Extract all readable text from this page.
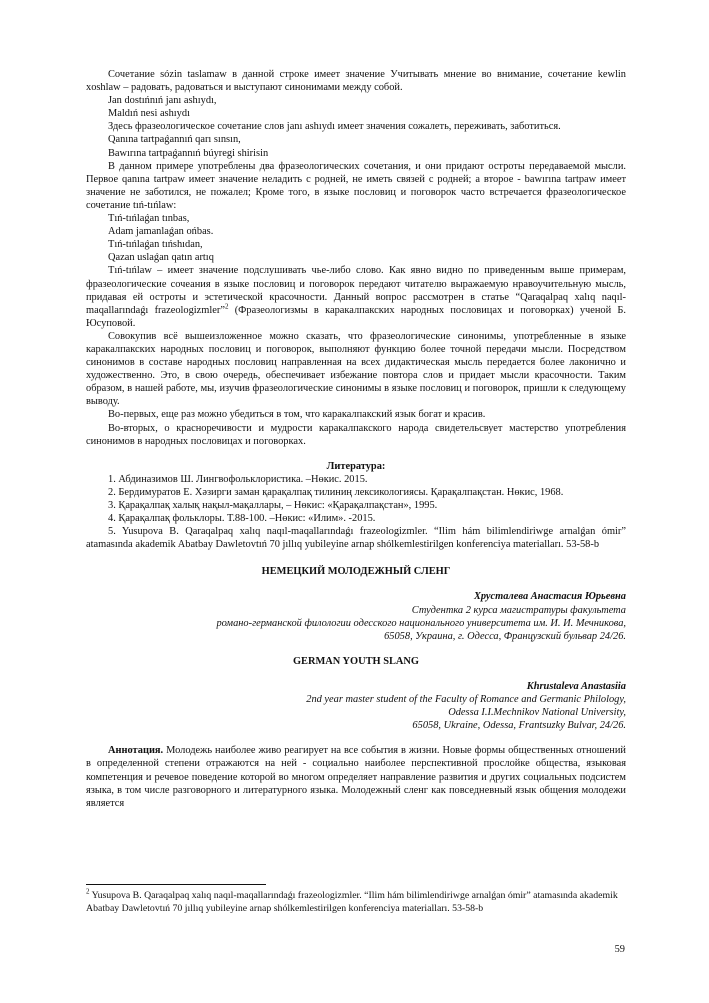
Сочетание sózin taslamaw в данной строке имеет значение Учитывать мнение во внимание, сочетание kewlin xoshlaw – радовать, радоваться и выступают синонимами между собой.

Jan dostıńnıń janı ashıydı,

Maldıń nesi ashıydı

Здесь фразеологическое сочетание слов janı ashıydı имеет значения сожалеть, переживать, заботиться.

Qanına tartpaǵannıń qarı sınsın,

Bawırına tartpaǵannıń búyregi shirisin

В данном примере употреблены два фразеологических сочетания, и они придают остроты передаваемой мысли. Первое qanına tartpaw имеет значение неладить с родней, не иметь связей с родней; а второе - bawırına tartpaw имеет значение не заботился, не пожалел; Кроме того, в языке пословиц и поговорок часто встречается фразеологическое сочетание tıń-tıńlaw:

Tıń-tıńlaǵan tınbas,

Adam jamanlaǵan ońbas.

Tıń-tıńlaǵan tıńshıdan,

Qazan uslaǵan qatın artıq

Tıń-tıńlaw – имеет значение подслушивать чье-либо слово. Как явно видно по приведенным выше примерам, фразеологические сочеания в языке пословиц и поговорок передают читателю выражаемую нравоучительную мысль, придавая ей остроты и эстетической красочности. Данный вопрос рассмотрен в статье “Qaraqalpaq xalıq naqıl-maqallarındaǵı frazeologizmler”$^2$ (Фразеологизмы в каракалпакских народных пословицах и поговорках) ученой Б. Юсуповой.

Совокупив всё вышеизложенное можно сказать, что фразеологические синонимы, употребленные в языке каракалпакских народных пословиц и поговорок, выполняют функцию более точной передачи мысли. Посредством синонимов в составе народных пословиц направленная на всех дидактическая мысль передается более лаконично и художественно. Это, в свою очередь, обеспечивает избежание повтора слов и придает мысли красочности. Таким образом, в нашей работе, мы, изучив фразеологические синонимы в языке пословиц и поговорок, пришли к следующему выводу.

Во-первых, еще раз можно убедиться в том, что каракалпакский язык богат и красив.

Во-вторых, о красноречивости и мудрости каракалпакского народа свидетельсвует мастерство употребления синонимов в народных пословицах и поговорках.

Литература:

1. Абдиназимов Ш. Лингвофольклористика. –Нөкис. 2015.

2. Бердимуратов Е. Хәзирги заман қарақалпақ тилиниң лексикологиясы. Қарақалпақстан. Нөкис, 1968.

3. Қарақалпақ халық нақыл-мақаллары, – Нөкис: «Қарақалпақстан», 1995.

4. Қарақалпақ фольклоры. Т.88-100. –Нөкис: «Илим». -2015.

5. Yusupova B. Qaraqalpaq xalıq naqıl-maqallarındaǵı frazeologizmler. “Ilim hám bilimlendiriwge arnalǵan ómir” atamasında akademik Abatbay Dawletovtıń 70 jıllıq yubileyine arnap shólkemlestirilgen konferenciya materialları. 53-58-b

НЕМЕЦКИЙ МОЛОДЕЖНЫЙ СЛЕНГ

Хрусталева Анастасия Юрьевна

Студентка 2 курса магистратуры факультета

романо-германской филологии одесского национального университета им. И. И. Мечникова,

65058, Украина, г. Одесса, Французский бульвар 24/26.

GERMAN YOUTH SLANG

Khrustaleva Anastasiia

2nd year master student of the Faculty of Romance and Germanic Philology,

Odessa I.I.Mechnikov National University,

65058, Ukraine, Odessa, Frantsuzky Bulvar, 24/26.

Аннотация. Молодежь наиболее живо реагирует на все события в жизни. Новые формы общественных отношений в определенной степени отражаются на ней - социально наиболее перспективной прослойке общества, языковая компетенция и речевое поведение которой во многом определяет направление развития и других социальных подсистем языка, в том числе разговорного и литературного языка. Молодежный сленг как повседневный язык общения молодежи является

$^2$ Yusupova B. Qaraqalpaq xalıq naqıl-maqallarındaǵı frazeologizmler. “Ilim hám bilimlendiriwge arnalǵan ómir” atamasında akademik Abatbay Dawletovtıń 70 jıllıq yubileyine arnap shólkemlestirilgen konferenciya materialları. 53-58-b

59
